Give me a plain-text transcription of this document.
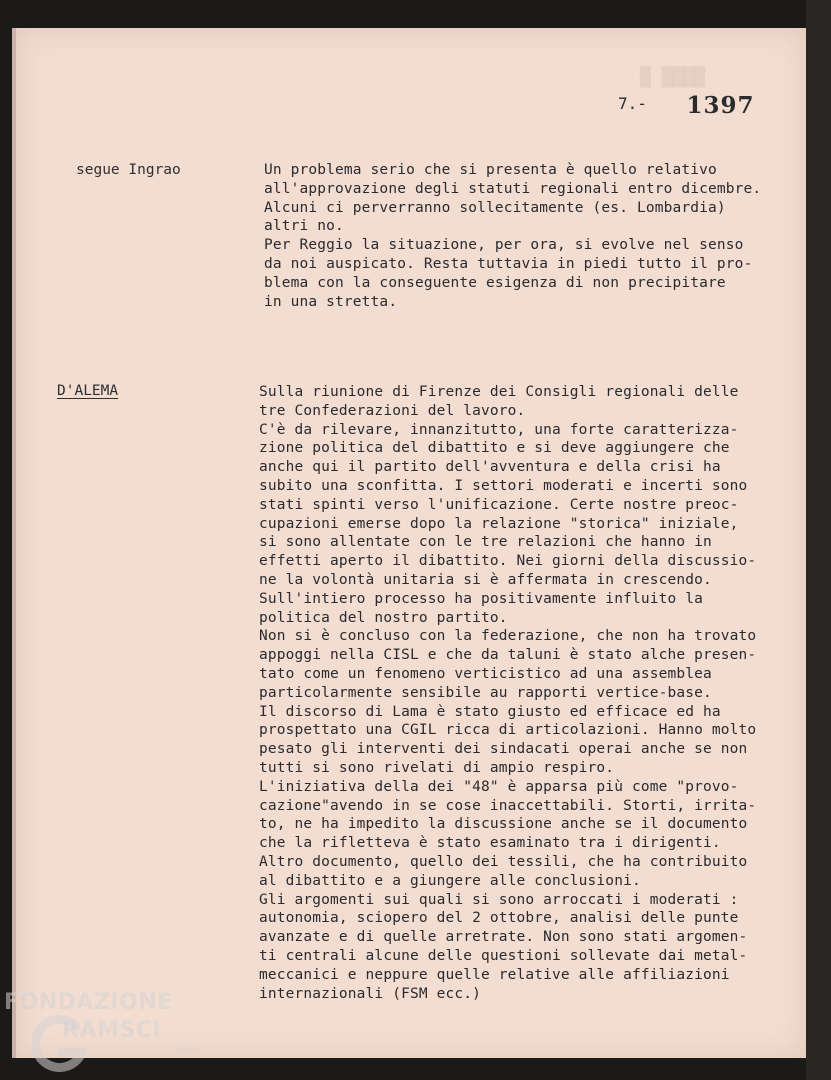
7.- 1397
segue Ingrao	Un problema serio che si presenta è quello relativo
all'approvazione degli statuti regionali entro dicembre.
Alcuni ci perverranno sollecitamente (es. Lombardia)
altri no.
Per Reggio la situazione, per ora, si evolve nel senso
da noi auspicato. Resta tuttavia in piedi tutto il pro-
blema con la conseguente esigenza di non precipitare
in una stretta.
D'ALEMA	Sulla riunione di Firenze dei Consigli regionali delle
tre Confederazioni del lavoro.
C'è da rilevare, innanzitutto, una forte caratterizza-
zione politica del dibattito e si deve aggiungere che
anche qui il partito dell'avventura e della crisi ha
subito una sconfitta. I settori moderati e incerti sono
stati spinti verso l'unificazione. Certe nostre preoc-
cupazioni emerse dopo la relazione "storica" iniziale,
si sono allentate con le tre relazioni che hanno in
effetti aperto il dibattito. Nei giorni della discussio-
ne la volontà unitaria si è affermata in crescendo.
Sull'intiero processo ha positivamente influito la
politica del nostro partito.
Non si è concluso con la federazione, che non ha trovato
appoggi nella CISL e che da taluni è stato alche presen-
tato come un fenomeno verticistico ad una assemblea
particolarmente sensibile au rapporti vertice-base.
Il discorso di Lama è stato giusto ed efficace ed ha
prospettato una CGIL ricca di articolazioni. Hanno molto
pesato gli interventi dei sindacati operai anche se non
tutti si sono rivelati di ampio respiro.
L'iniziativa della dei "48" è apparsa più come "provo-
cazione"avendo in se cose inaccettabili. Storti, irrita-
to, ne ha impedito la discussione anche se il documento
che la rifletteva è stato esaminato tra i dirigenti.
Altro documento, quello dei tessili, che ha contribuito
al dibattito e a giungere alle conclusioni.
Gli argomenti sui quali si sono arroccati i moderati :
autonomia, sciopero del 2 ottobre, analisi delle punte
avanzate e di quelle arretrate. Non sono stati argomen-
ti centrali alcune delle questioni sollevate dai metal-
meccanici e neppure quelle relative alle affiliazioni
internazionali (FSM ecc.)
FONDAZIONE
RAMSCI
onlus
